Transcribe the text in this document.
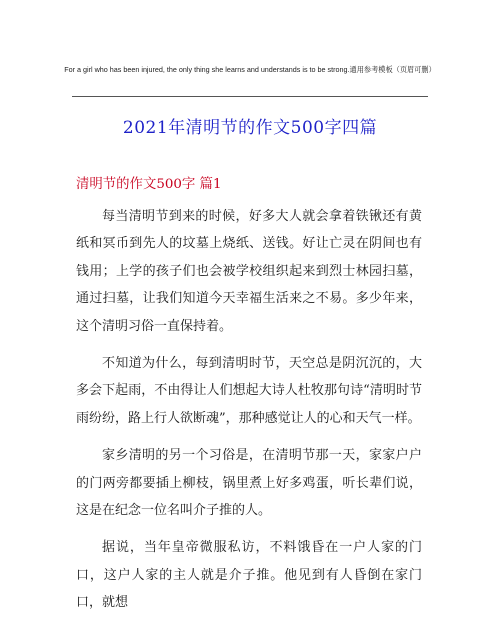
For a girl who has been injured, the only thing she learns and understands is to be strong.通用参考模板（页眉可删）
2021年清明节的作文500字四篇
清明节的作文500字 篇1

每当清明节到来的时候，好多大人就会拿着铁锹还有黄纸和冥币到先人的坟墓上烧纸、送钱。好让亡灵在阴间也有钱用；上学的孩子们也会被学校组织起来到烈士林园扫墓，通过扫墓，让我们知道今天幸福生活来之不易。多少年来，这个清明习俗一直保持着。

不知道为什么，每到清明时节，天空总是阴沉沉的，大多会下起雨，不由得让人们想起大诗人杜牧那句诗“清明时节雨纷纷，路上行人欲断魂”，那种感觉让人的心和天气一样。

家乡清明的另一个习俗是，在清明节那一天，家家户户的门两旁都要插上柳枝，锅里煮上好多鸡蛋，听长辈们说，这是在纪念一位名叫介子推的人。

据说，当年皇帝微服私访，不料饿昏在一户人家的门口，这户人家的主人就是介子推。他见到有人昏倒在家门口，就想
